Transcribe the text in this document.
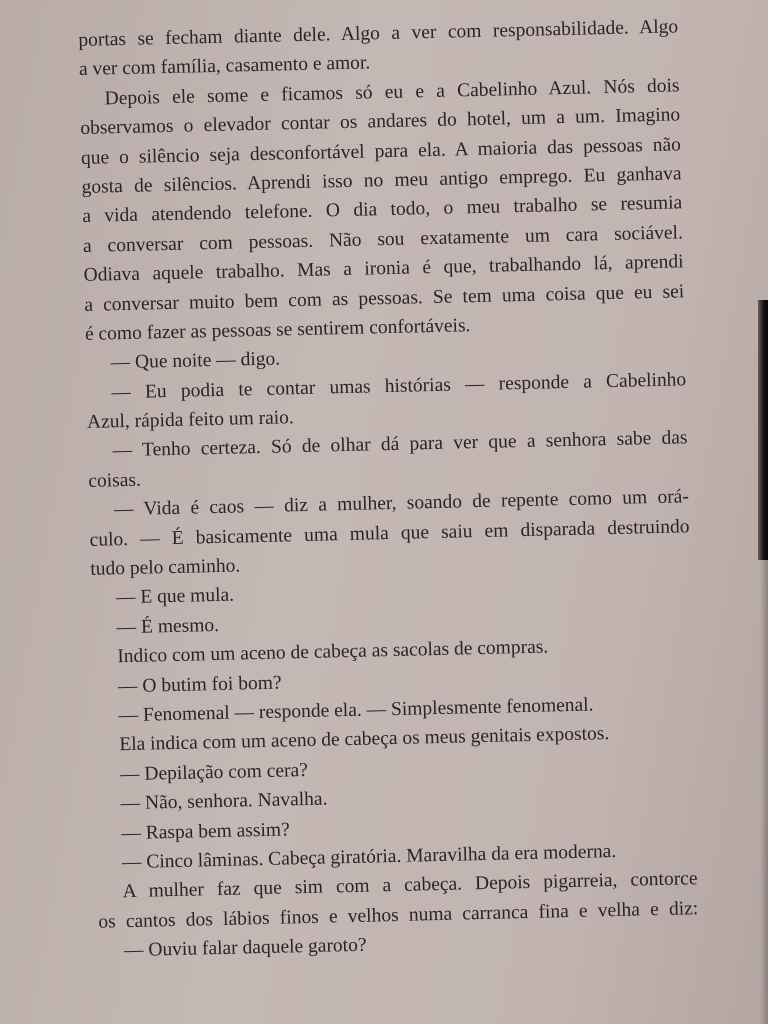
portas se fecham diante dele. Algo a ver com responsabilidade. Algo
a ver com família, casamento e amor.
Depois ele some e ficamos só eu e a Cabelinho Azul. Nós dois
observamos o elevador contar os andares do hotel, um a um. Imagino
que o silêncio seja desconfortável para ela. A maioria das pessoas não
gosta de silêncios. Aprendi isso no meu antigo emprego. Eu ganhava
a vida atendendo telefone. O dia todo, o meu trabalho se resumia
a conversar com pessoas. Não sou exatamente um cara sociável.
Odiava aquele trabalho. Mas a ironia é que, trabalhando lá, aprendi
a conversar muito bem com as pessoas. Se tem uma coisa que eu sei
é como fazer as pessoas se sentirem confortáveis.
— Que noite — digo.
— Eu podia te contar umas histórias — responde a Cabelinho
Azul, rápida feito um raio.
— Tenho certeza. Só de olhar dá para ver que a senhora sabe das
coisas.
— Vida é caos — diz a mulher, soando de repente como um orá-
culo. — É basicamente uma mula que saiu em disparada destruindo
tudo pelo caminho.
— E que mula.
— É mesmo.
Indico com um aceno de cabeça as sacolas de compras.
— O butim foi bom?
— Fenomenal — responde ela. — Simplesmente fenomenal.
Ela indica com um aceno de cabeça os meus genitais expostos.
— Depilação com cera?
— Não, senhora. Navalha.
— Raspa bem assim?
— Cinco lâminas. Cabeça giratória. Maravilha da era moderna.
A mulher faz que sim com a cabeça. Depois pigarreia, contorce
os cantos dos lábios finos e velhos numa carranca fina e velha e diz:
— Ouviu falar daquele garoto?
